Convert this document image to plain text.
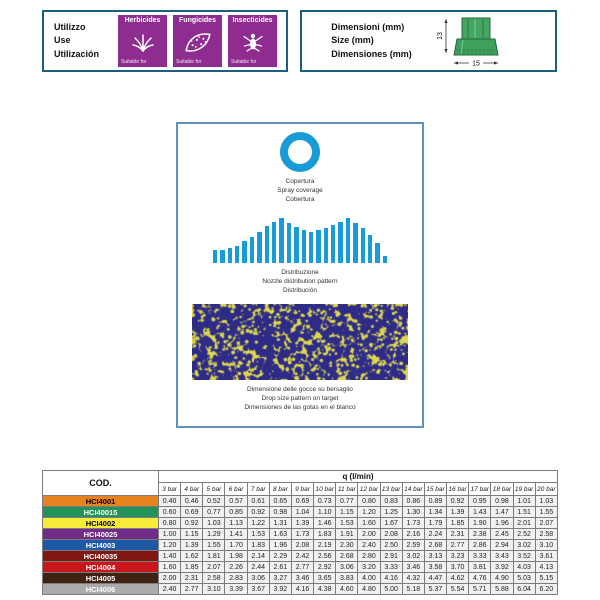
Utilizzo
Use
Utilización
Herbicides
Suitable for
Fungicides
Suitable for
Insecticides
Suitable for
Dimensioni (mm)
Size (mm)
Dimensiones (mm)
13
15
Copertura
Spray coverage
Cobertura
Distribuzione
Nozzle distribution pattern
Distribución
Dimensione delle gocce su bersaglio
Drop size pattern on target
Dimensiones de las gotas en el blanco
COD.	q (l/min)																	
	3 bar	4 bar	5 bar	6 bar	7 bar	8 bar	9 bar	10 bar	11 bar	12 bar	13 bar	14 bar	15 bar	16 bar	17 bar	18 bar	19 bar	20 bar
HCI4001	0.40	0.46	0.52	0.57	0.61	0.65	0.69	0.73	0.77	0.80	0.83	0.86	0.89	0.92	0.95	0.98	1.01	1.03
HCI40015	0.60	0.69	0.77	0.85	0.92	0.98	1.04	1.10	1.15	1.20	1.25	1.30	1.34	1.39	1.43	1.47	1.51	1.55
HCI4002	0.80	0.92	1.03	1.13	1.22	1.31	1.39	1.46	1.53	1.60	1.67	1.73	1.79	1.85	1.90	1.96	2.01	2.07
HCI40025	1.00	1.15	1.29	1.41	1.53	1.63	1.73	1.83	1.91	2.00	2.08	2.16	2.24	2.31	2.38	2.45	2.52	2.58
HCI4003	1.20	1.39	1.55	1.70	1.83	1.96	2.08	2.19	2.30	2.40	2.50	2.59	2.68	2.77	2.86	2.94	3.02	3.10
HCI40035	1.40	1.62	1.81	1.98	2.14	2.29	2.42	2.56	2.68	2.80	2.91	3.02	3.13	3.23	3.33	3.43	3.52	3.61
HCI4004	1.60	1.85	2.07	2.26	2.44	2.61	2.77	2.92	3.06	3.20	3.33	3.46	3.58	3.70	3.81	3.92	4.03	4.13
HCI4005	2.00	2.31	2.58	2.83	3.06	3.27	3.46	3.65	3.83	4.00	4.16	4.32	4.47	4.62	4.76	4.90	5.03	5.15
HCI4006	2.40	2.77	3.10	3.39	3.67	3.92	4.16	4.38	4.60	4.80	5.00	5.18	5.37	5.54	5.71	5.88	6.04	6.20
